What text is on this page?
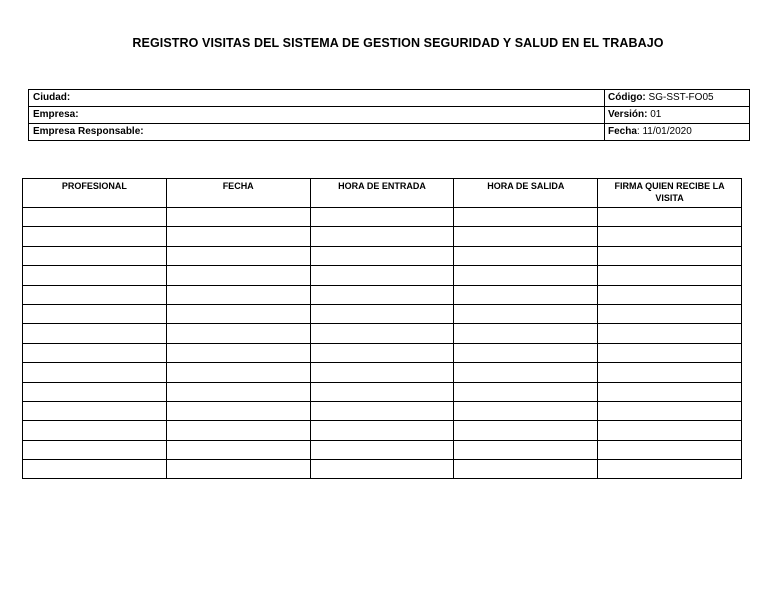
REGISTRO VISITAS DEL SISTEMA DE GESTION SEGURIDAD Y SALUD EN EL TRABAJO
Ciudad:	Código: SG-SST-FO05
Empresa:	Versión: 01
Empresa Responsable:	Fecha: 11/01/2020
PROFESIONAL	FECHA	HORA DE ENTRADA	HORA DE SALIDA	FIRMA QUIEN RECIBE LA VISITA
